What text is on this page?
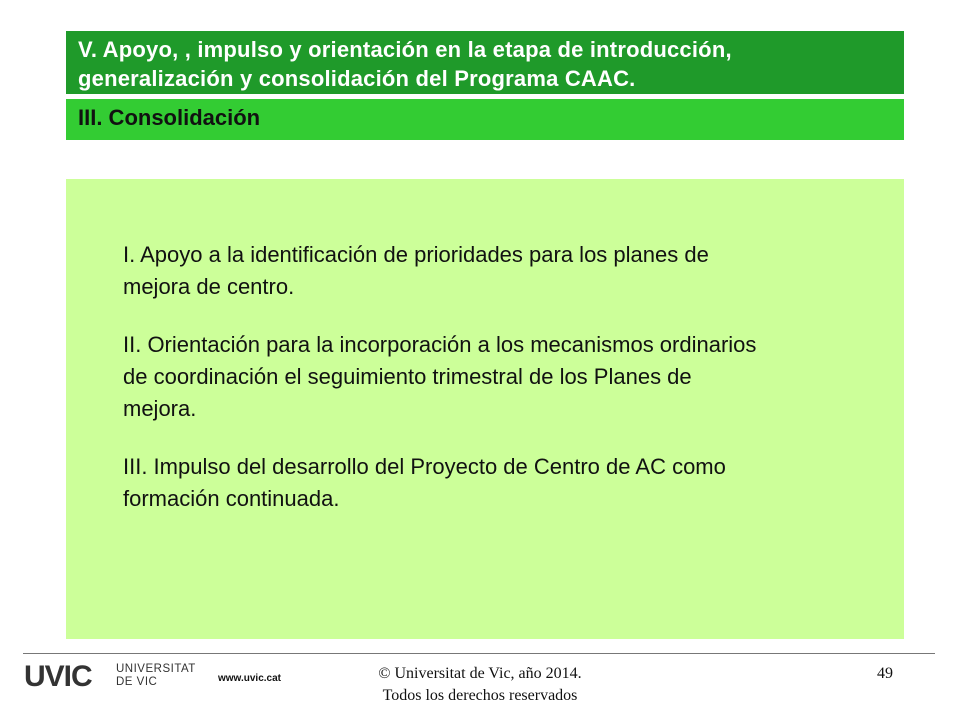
V. Apoyo, , impulso y orientación en la etapa de introducción,
generalización y consolidación del Programa CAAC.
III. Consolidación
I. Apoyo a la identificación de prioridades para los planes de
mejora de centro.
II. Orientación para la incorporación a los mecanismos ordinarios
de coordinación el seguimiento trimestral de los Planes de
mejora.
III. Impulso del desarrollo del Proyecto de Centro de AC como
formación continuada.
UVIC UNIVERSITAT
DE VIC	www.uvic.cat	© Universitat de Vic, año 2014.
Todos los derechos reservados
49
